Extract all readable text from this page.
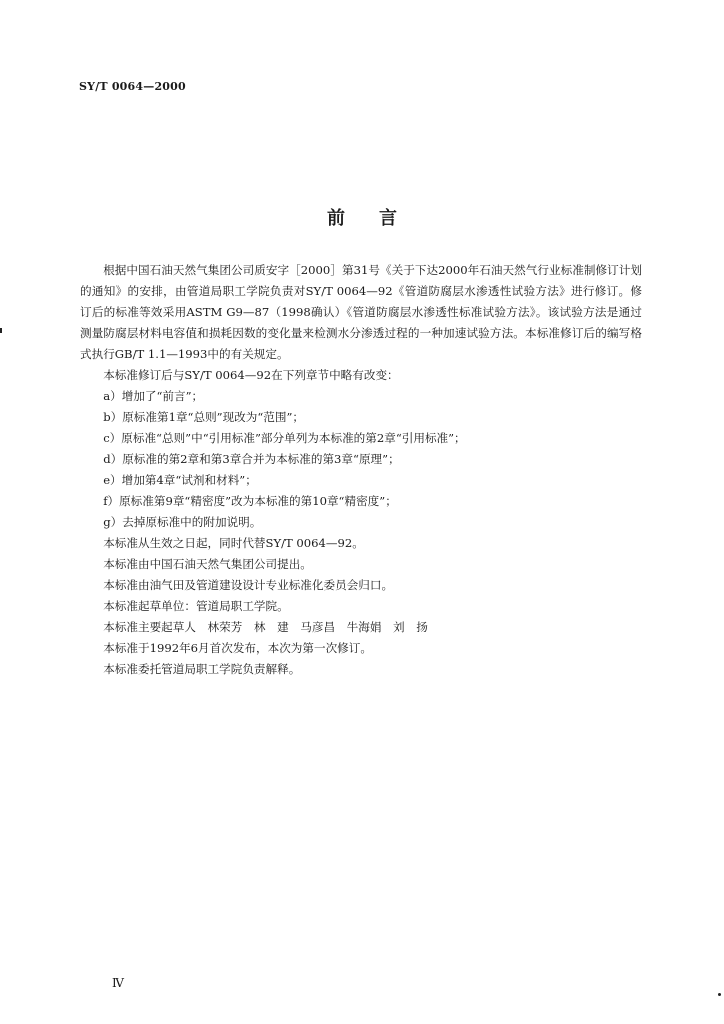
SY/T 0064—2000
前言

根据中国石油天然气集团公司质安字［2000］第31号《关于下达2000年石油天然气行业标准制修订计划的通知》的安排，由管道局职工学院负责对SY/T 0064—92《管道防腐层水渗透性试验方法》进行修订。修订后的标准等效采用ASTM G9—87（1998确认）《管道防腐层水渗透性标准试验方法》。该试验方法是通过测量防腐层材料电容值和损耗因数的变化量来检测水分渗透过程的一种加速试验方法。本标准修订后的编写格式执行GB/T 1.1—1993中的有关规定。

本标准修订后与SY/T 0064—92在下列章节中略有改变：

a）增加了“前言”；

b）原标准第1章“总则”现改为“范围”；

c）原标准“总则”中“引用标准”部分单列为本标准的第2章“引用标准”；

d）原标准的第2章和第3章合并为本标准的第3章“原理”；

e）增加第4章“试剂和材料”；

f）原标准第9章“精密度”改为本标准的第10章“精密度”；

g）去掉原标准中的附加说明。

本标准从生效之日起，同时代替SY/T 0064—92。

本标准由中国石油天然气集团公司提出。

本标准由油气田及管道建设设计专业标准化委员会归口。

本标准起草单位：管道局职工学院。

本标准主要起草人　林荣芳　林　建　马彦昌　牛海娟　刘　扬

本标准于1992年6月首次发布，本次为第一次修订。

本标准委托管道局职工学院负责解释。

Ⅳ
